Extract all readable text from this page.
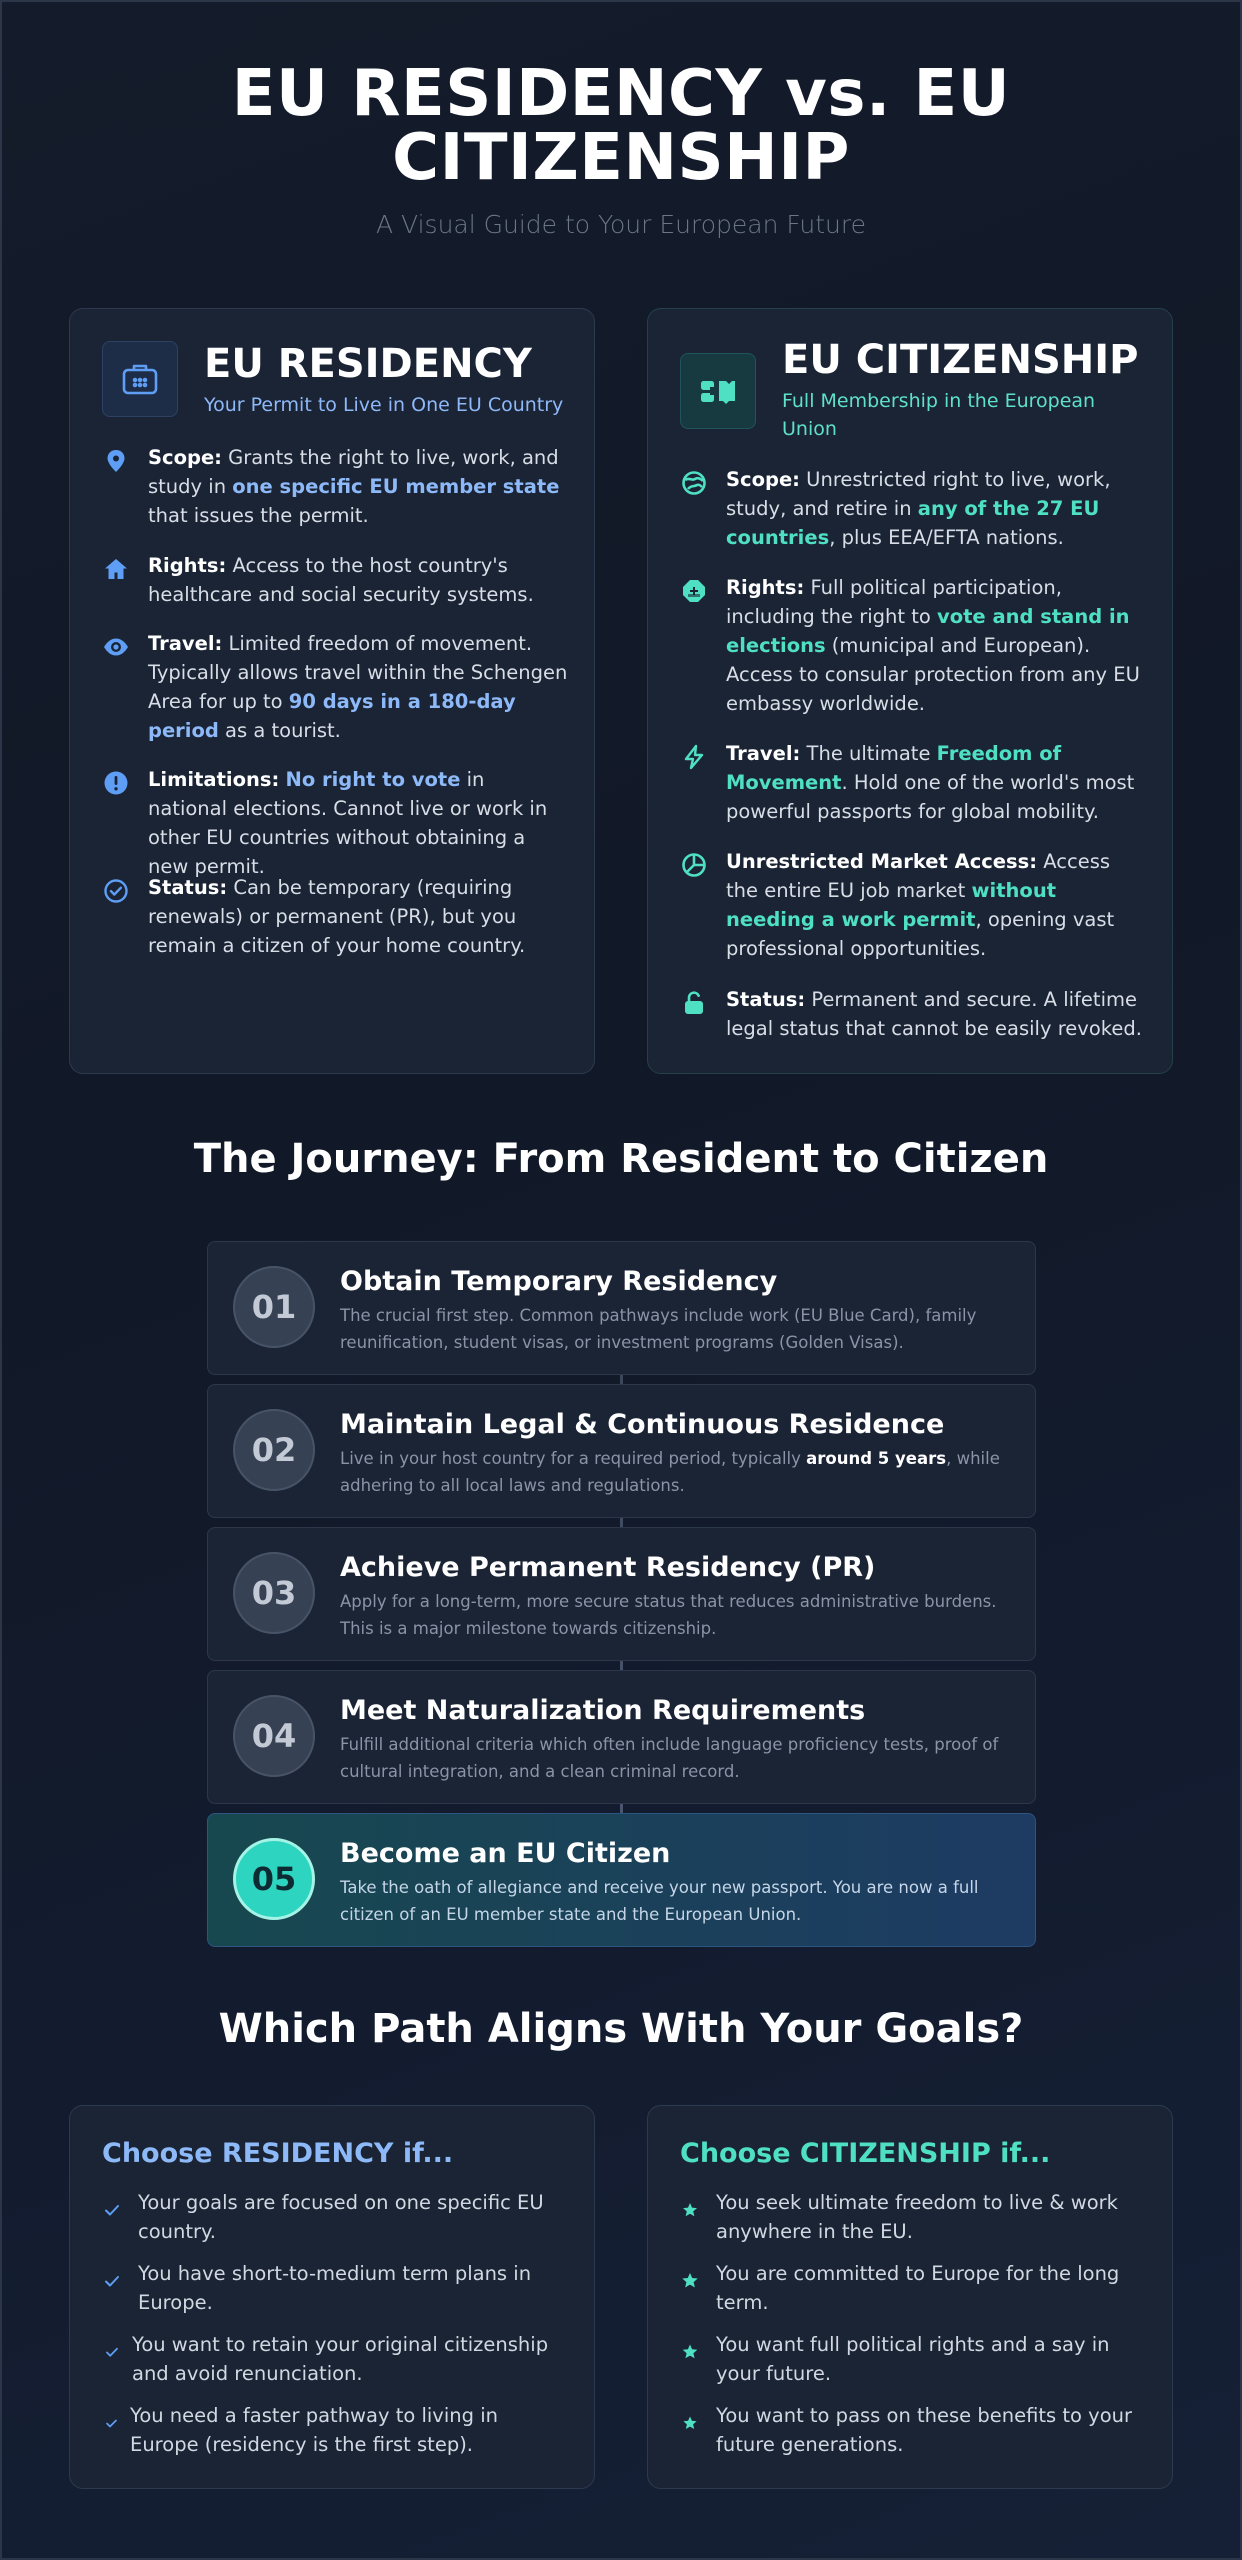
EU RESIDENCY vs. EU
CITIZENSHIP
A Visual Guide to Your European Future
EU RESIDENCY
Your Permit to Live in One EU Country
Scope: Grants the right to live, work, and study in one specific EU member state that issues the permit.
Rights: Access to the host country's healthcare and social security systems.
Travel: Limited freedom of movement. Typically allows travel within the Schengen Area for up to 90 days in a 180-day period as a tourist.
Limitations: No right to vote in national elections. Cannot live or work in other EU countries without obtaining a new permit.
Status: Can be temporary (requiring renewals) or permanent (PR), but you remain a citizen of your home country.
EU CITIZENSHIP
Full Membership in the European Union
Scope: Unrestricted right to live, work, study, and retire in any of the 27 EU countries, plus EEA/EFTA nations.
Rights: Full political participation, including the right to vote and stand in elections (municipal and European). Access to consular protection from any EU embassy worldwide.
Travel: The ultimate Freedom of Movement. Hold one of the world's most powerful passports for global mobility.
Unrestricted Market Access: Access the entire EU job market without needing a work permit, opening vast professional opportunities.
Status: Permanent and secure. A lifetime legal status that cannot be easily revoked.
The Journey: From Resident to Citizen
01
Obtain Temporary Residency
The crucial first step. Common pathways include work (EU Blue Card), family reunification, student visas, or investment programs (Golden Visas).
02
Maintain Legal & Continuous Residence
Live in your host country for a required period, typically around 5 years, while adhering to all local laws and regulations.
03
Achieve Permanent Residency (PR)
Apply for a long-term, more secure status that reduces administrative burdens. This is a major milestone towards citizenship.
04
Meet Naturalization Requirements
Fulfill additional criteria which often include language proficiency tests, proof of cultural integration, and a clean criminal record.
05
Become an EU Citizen
Take the oath of allegiance and receive your new passport. You are now a full citizen of an EU member state and the European Union.
Which Path Aligns With Your Goals?
Choose RESIDENCY if...
Your goals are focused on one specific EU country.
You have short-to-medium term plans in Europe.
You want to retain your original citizenship and avoid renunciation.
You need a faster pathway to living in Europe (residency is the first step).
Choose CITIZENSHIP if...
You seek ultimate freedom to live & work anywhere in the EU.
You are committed to Europe for the long term.
You want full political rights and a say in your future.
You want to pass on these benefits to your future generations.
